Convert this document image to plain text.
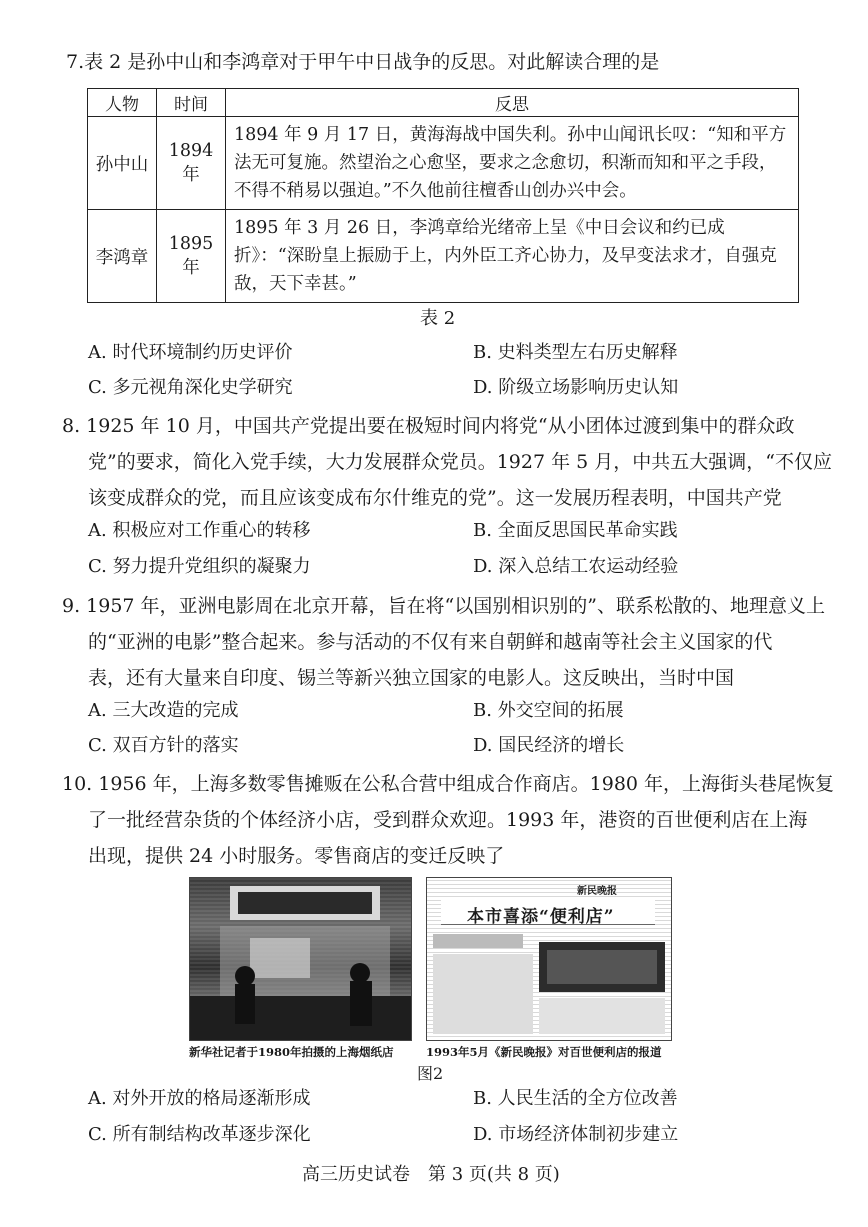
7.表 2 是孙中山和李鸿章对于甲午中日战争的反思。对此解读合理的是
人物	时间	反思
孙中山	1894 年	1894 年 9 月 17 日，黄海海战中国失利。孙中山闻讯长叹：“知和平方法无可复施。然望治之心愈坚，要求之念愈切，积渐而知和平之手段，不得不稍易以强迫。”不久他前往檀香山创办兴中会。
李鸿章	1895 年	1895 年 3 月 26 日，李鸿章给光绪帝上呈《中日会议和约已成折》：“深盼皇上振励于上，内外臣工齐心协力，及早变法求才，自强克敌，天下幸甚。”
表 2
A. 时代环境制约历史评价	B. 史料类型左右历史解释
C. 多元视角深化史学研究	D. 阶级立场影响历史认知
8. 1925 年 10 月，中国共产党提出要在极短时间内将党“从小团体过渡到集中的群众政
党”的要求，简化入党手续，大力发展群众党员。1927 年 5 月，中共五大强调，“不仅应
该变成群众的党，而且应该变成布尔什维克的党”。这一发展历程表明，中国共产党
A. 积极应对工作重心的转移	B. 全面反思国民革命实践
C. 努力提升党组织的凝聚力	D. 深入总结工农运动经验
9. 1957 年，亚洲电影周在北京开幕，旨在将“以国别相识别的”、联系松散的、地理意义上
的“亚洲的电影”整合起来。参与活动的不仅有来自朝鲜和越南等社会主义国家的代
表，还有大量来自印度、锡兰等新兴独立国家的电影人。这反映出，当时中国
A. 三大改造的完成	B. 外交空间的拓展
C. 双百方针的落实	D. 国民经济的增长
10. 1956 年，上海多数零售摊贩在公私合营中组成合作商店。1980 年，上海街头巷尾恢复
了一批经营杂货的个体经济小店，受到群众欢迎。1993 年，港资的百世便利店在上海
出现，提供 24 小时服务。零售商店的变迁反映了
新民晚报
本市喜添“便利店”
新华社记者于1980年拍摄的上海烟纸店	1993年5月《新民晚报》对百世便利店的报道
图2
A. 对外开放的格局逐渐形成	B. 人民生活的全方位改善
C. 所有制结构改革逐步深化	D. 市场经济体制初步建立
高三历史试卷　第 3 页(共 8 页)
